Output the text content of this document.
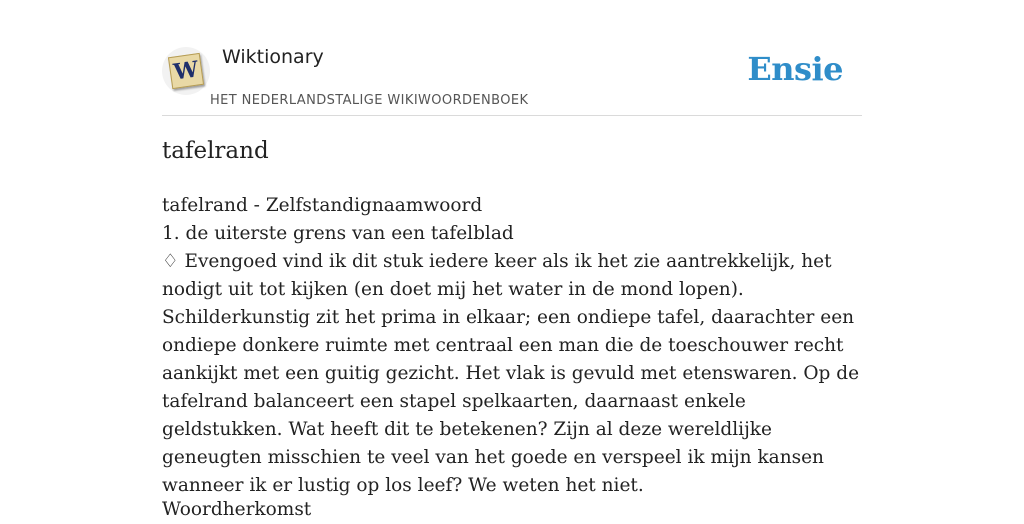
W Wiktionary
HET NEDERLANDSTALIGE WIKIWOORDENBOEK
Ensie
tafelrand

tafelrand - Zelfstandignaamwoord

1. de uiterste grens van een tafelblad

♢ Evengoed vind ik dit stuk iedere keer als ik het zie aantrekkelijk, het nodigt uit tot kijken (en doet mij het water in de mond lopen). Schilderkunstig zit het prima in elkaar; een ondiepe tafel, daarachter een ondiepe donkere ruimte met centraal een man die de toeschouwer recht aankijkt met een guitig gezicht. Het vlak is gevuld met etenswaren. Op de tafelrand balanceert een stapel spelkaarten, daarnaast enkele geldstukken. Wat heeft dit te betekenen? Zijn al deze wereldlijke geneugten misschien te veel van het goede en verspeel ik mijn kansen wanneer ik er lustig op los leef? We weten het niet.

Woordherkomst
